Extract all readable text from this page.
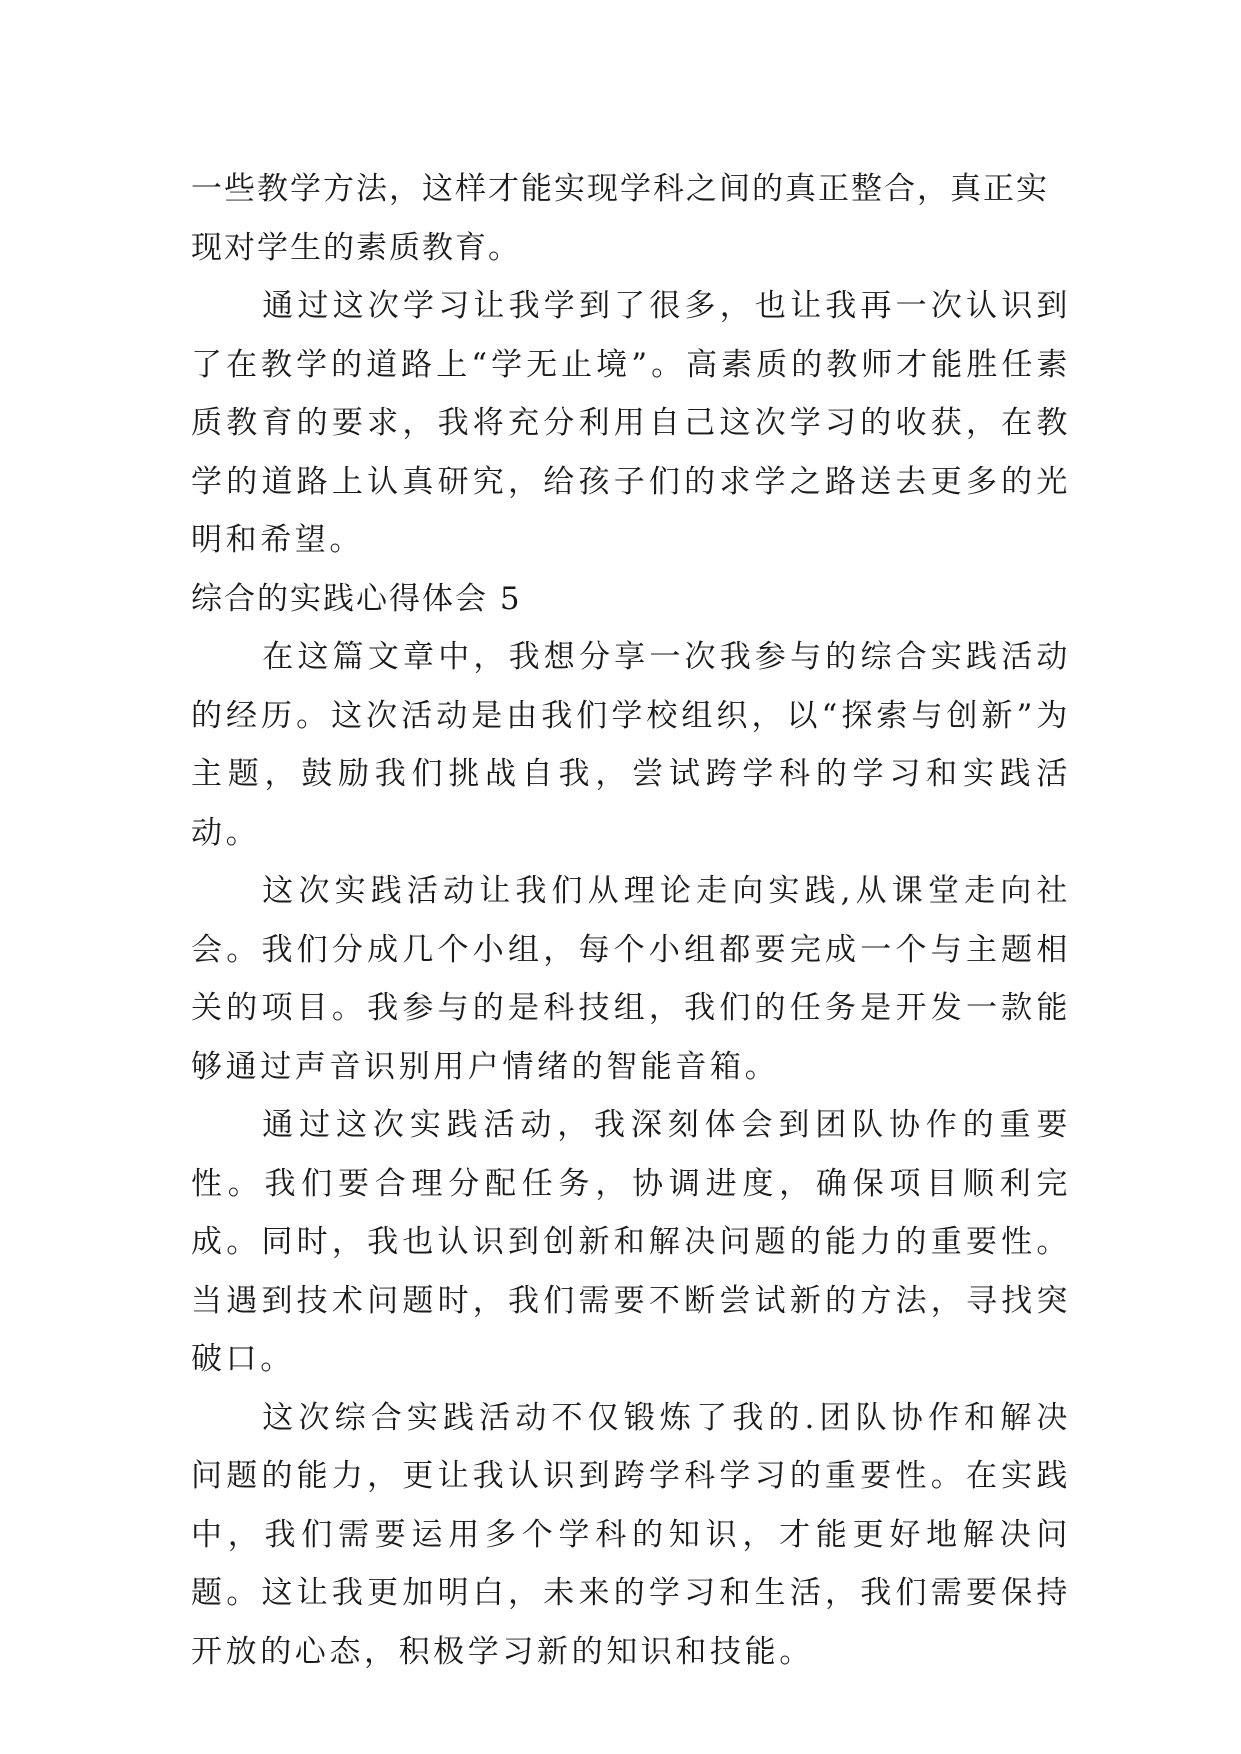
一些教学方法，这样才能实现学科之间的真正整合，真正实现对学生的素质教育。

通过这次学习让我学到了很多，也让我再一次认识到了在教学的道路上“学无止境”。高素质的教师才能胜任素质教育的要求，我将充分利用自己这次学习的收获，在教学的道路上认真研究，给孩子们的求学之路送去更多的光明和希望。

综合的实践心得体会 5

在这篇文章中，我想分享一次我参与的综合实践活动的经历。这次活动是由我们学校组织，以“探索与创新”为主题，鼓励我们挑战自我，尝试跨学科的学习和实践活动。

这次实践活动让我们从理论走向实践,从课堂走向社会。我们分成几个小组，每个小组都要完成一个与主题相关的项目。我参与的是科技组，我们的任务是开发一款能够通过声音识别用户情绪的智能音箱。

通过这次实践活动，我深刻体会到团队协作的重要性。我们要合理分配任务，协调进度，确保项目顺利完成。同时，我也认识到创新和解决问题的能力的重要性。当遇到技术问题时，我们需要不断尝试新的方法，寻找突破口。

这次综合实践活动不仅锻炼了我的.团队协作和解决问题的能力，更让我认识到跨学科学习的重要性。在实践中，我们需要运用多个学科的知识，才能更好地解决问题。这让我更加明白，未来的学习和生活，我们需要保持开放的心态，积极学习新的知识和技能。
